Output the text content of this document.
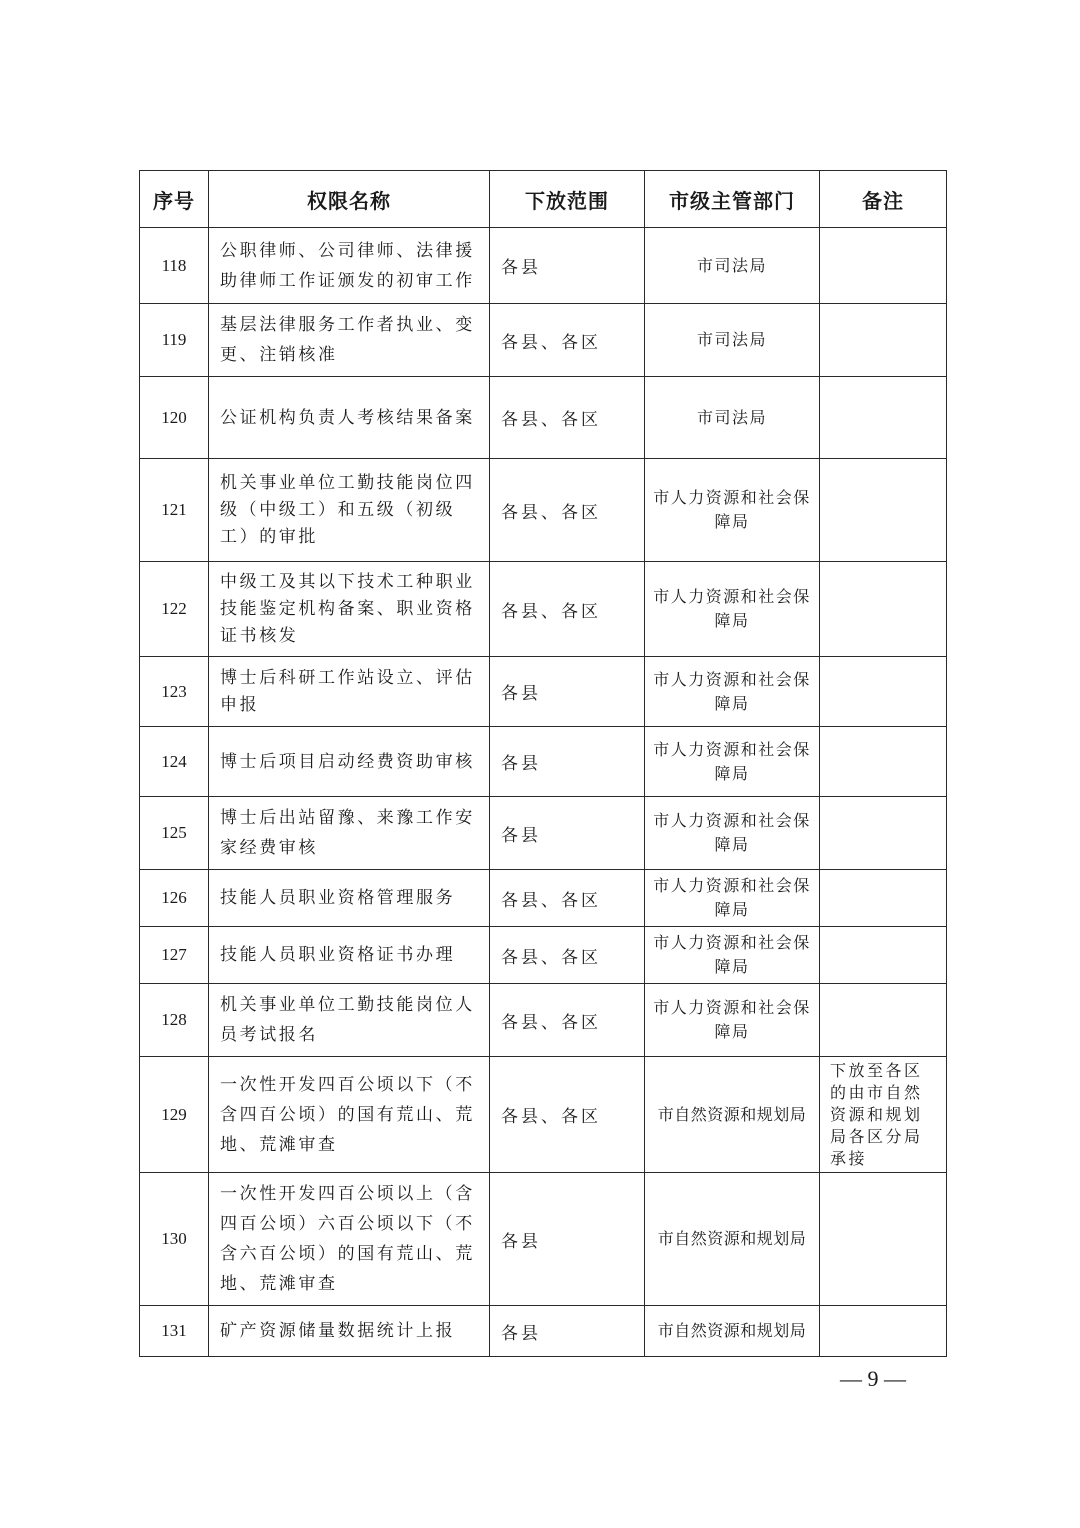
序号	权限名称	下放范围	市级主管部门	备注
118	公职律师、公司律师、法律援助律师工作证颁发的初审工作	各县	市司法局	
119	基层法律服务工作者执业、变更、注销核准	各县、各区	市司法局	
120	公证机构负责人考核结果备案	各县、各区	市司法局	
121	机关事业单位工勤技能岗位四级（中级工）和五级（初级工）的审批	各县、各区	市人力资源和社会保障局	
122	中级工及其以下技术工种职业技能鉴定机构备案、职业资格证书核发	各县、各区	市人力资源和社会保障局	
123	博士后科研工作站设立、评估申报	各县	市人力资源和社会保障局	
124	博士后项目启动经费资助审核	各县	市人力资源和社会保障局	
125	博士后出站留豫、来豫工作安家经费审核	各县	市人力资源和社会保障局	
126	技能人员职业资格管理服务	各县、各区	市人力资源和社会保障局	
127	技能人员职业资格证书办理	各县、各区	市人力资源和社会保障局	
128	机关事业单位工勤技能岗位人员考试报名	各县、各区	市人力资源和社会保障局	
129	一次性开发四百公顷以下（不含四百公顷）的国有荒山、荒地、荒滩审查	各县、各区	市自然资源和规划局	下放至各区的由市自然资源和规划局各区分局承接
130	一次性开发四百公顷以上（含四百公顷）六百公顷以下（不含六百公顷）的国有荒山、荒地、荒滩审查	各县	市自然资源和规划局	
131	矿产资源储量数据统计上报	各县	市自然资源和规划局	
— 9 —
